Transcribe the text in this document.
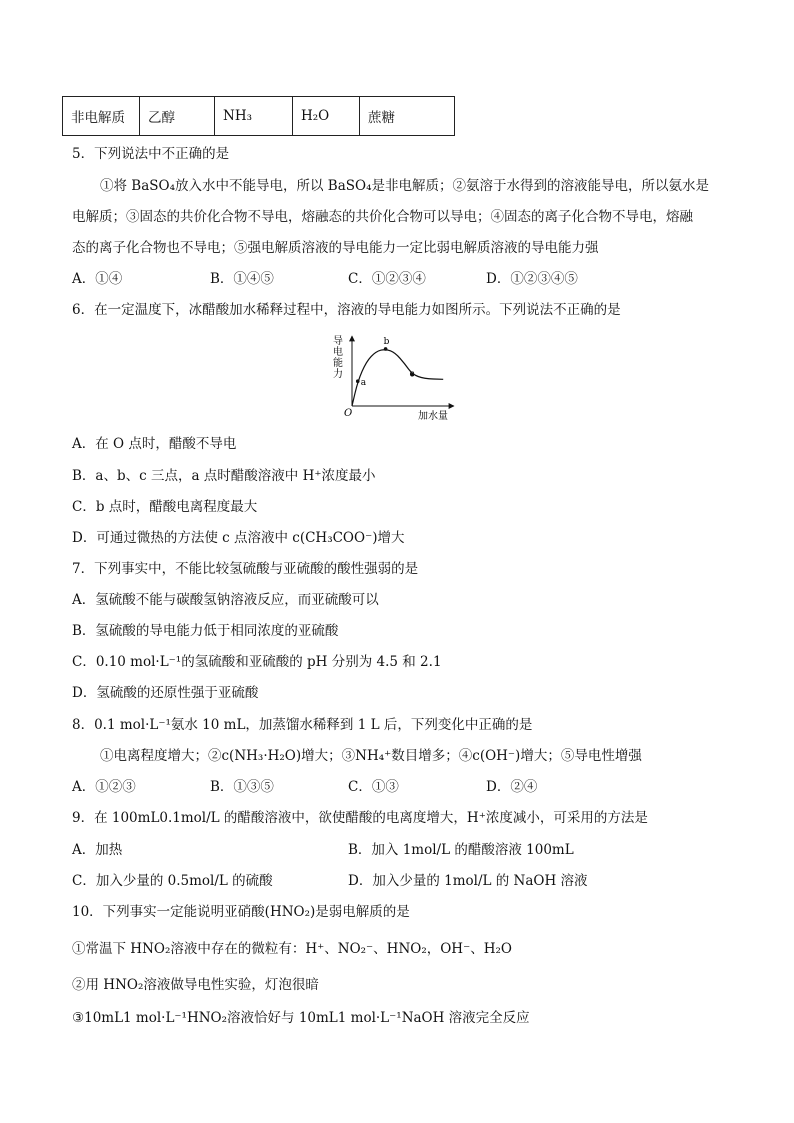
非电解质	乙醇	NH₃	H₂O	蔗糖
5．下列说法中不正确的是
①将 BaSO₄放入水中不能导电，所以 BaSO₄是非电解质；②氨溶于水得到的溶液能导电，所以氨水是
电解质；③固态的共价化合物不导电，熔融态的共价化合物可以导电；④固态的离子化合物不导电，熔融
态的离子化合物也不导电；⑤强电解质溶液的导电能力一定比弱电解质溶液的导电能力强
A．①④	B．①④⑤	C．①②③④	D．①②③④⑤
6．在一定温度下，冰醋酸加水稀释过程中，溶液的导电能力如图所示。下列说法不正确的是
导
电
能
力
O	加水量
a
b
c
A．在 O 点时，醋酸不导电
B．a、b、c 三点，a 点时醋酸溶液中 H⁺浓度最小
C．b 点时，醋酸电离程度最大
D．可通过微热的方法使 c 点溶液中 c(CH₃COO⁻)增大
7．下列事实中，不能比较氢硫酸与亚硫酸的酸性强弱的是
A．氢硫酸不能与碳酸氢钠溶液反应，而亚硫酸可以
B．氢硫酸的导电能力低于相同浓度的亚硫酸
C．0.10 mol·L⁻¹的氢硫酸和亚硫酸的 pH 分别为 4.5 和 2.1
D．氢硫酸的还原性强于亚硫酸
8．0.1 mol·L⁻¹氨水 10 mL，加蒸馏水稀释到 1 L 后，下列变化中正确的是
①电离程度增大；②c(NH₃·H₂O)增大；③NH₄⁺数目增多；④c(OH⁻)增大；⑤导电性增强
A．①②③	B．①③⑤	C．①③	D．②④
9．在 100mL0.1mol/L 的醋酸溶液中，欲使醋酸的电离度增大，H⁺浓度减小，可采用的方法是
A．加热	B．加入 1mol/L 的醋酸溶液 100mL
C．加入少量的 0.5mol/L 的硫酸	D．加入少量的 1mol/L 的 NaOH 溶液
10．下列事实一定能说明亚硝酸(HNO₂)是弱电解质的是
①常温下 HNO₂溶液中存在的微粒有：H⁺、NO₂⁻、HNO₂，OH⁻、H₂O
②用 HNO₂溶液做导电性实验，灯泡很暗
③10mL1 mol·L⁻¹HNO₂溶液恰好与 10mL1 mol·L⁻¹NaOH 溶液完全反应
